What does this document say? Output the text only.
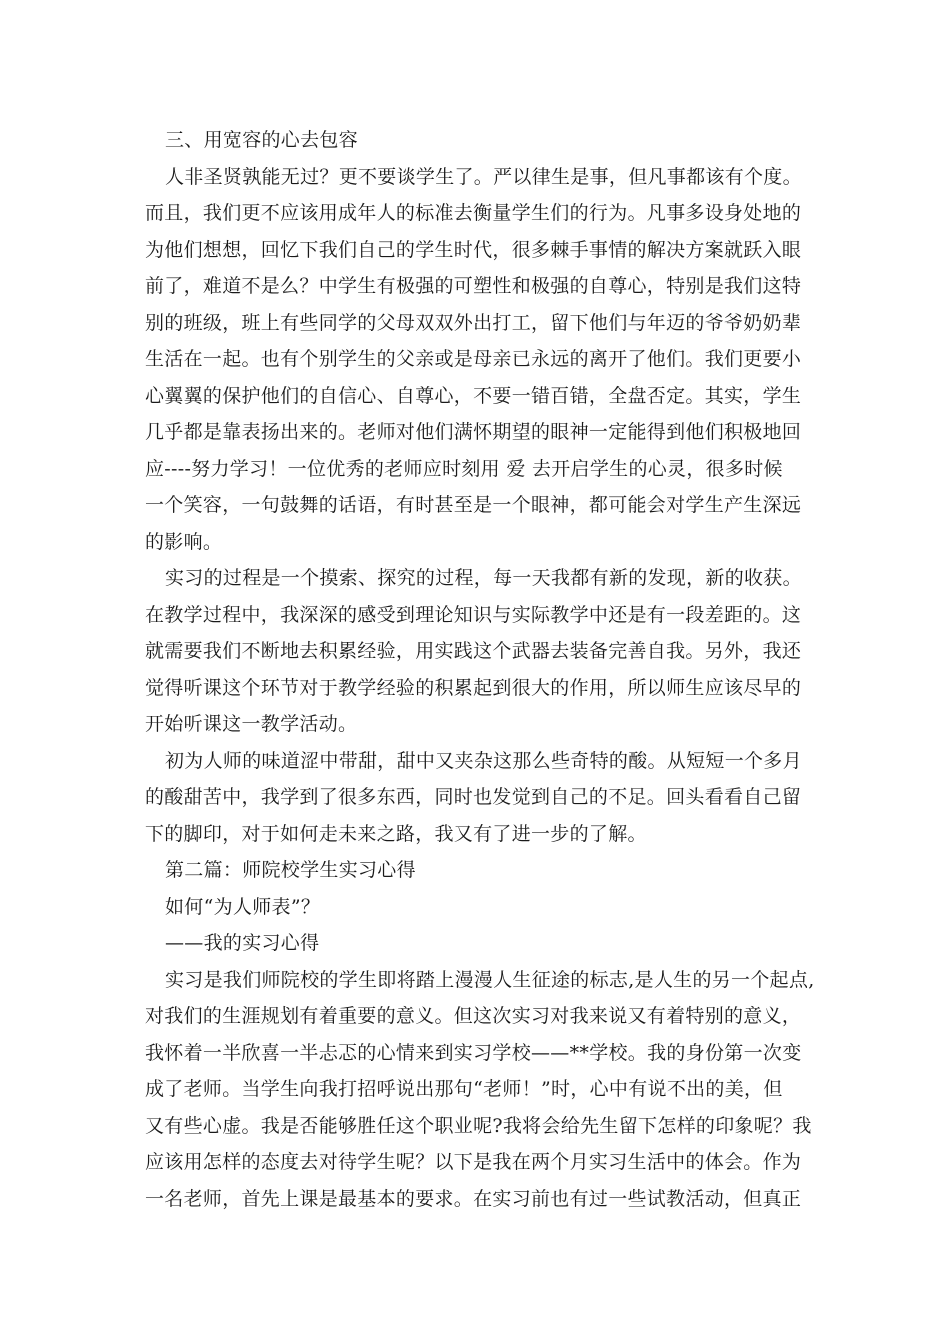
三、用宽容的心去包容
人非圣贤孰能无过？更不要谈学生了。严以律生是事，但凡事都该有个度。
而且，我们更不应该用成年人的标准去衡量学生们的行为。凡事多设身处地的
为他们想想，回忆下我们自己的学生时代，很多棘手事情的解决方案就跃入眼
前了，难道不是么？中学生有极强的可塑性和极强的自尊心，特别是我们这特
别的班级，班上有些同学的父母双双外出打工，留下他们与年迈的爷爷奶奶辈
生活在一起。也有个别学生的父亲或是母亲已永远的离开了他们。我们更要小
心翼翼的保护他们的自信心、自尊心，不要一错百错，全盘否定。其实，学生
几乎都是靠表扬出来的。老师对他们满怀期望的眼神一定能得到他们积极地回
应----努力学习！一位优秀的老师应时刻用 爱 去开启学生的心灵，很多时候
一个笑容，一句鼓舞的话语，有时甚至是一个眼神，都可能会对学生产生深远
的影响。
实习的过程是一个摸索、探究的过程，每一天我都有新的发现，新的收获。
在教学过程中，我深深的感受到理论知识与实际教学中还是有一段差距的。这
就需要我们不断地去积累经验，用实践这个武器去装备完善自我。另外，我还
觉得听课这个环节对于教学经验的积累起到很大的作用，所以师生应该尽早的
开始听课这一教学活动。
初为人师的味道涩中带甜，甜中又夹杂这那么些奇特的酸。从短短一个多月
的酸甜苦中，我学到了很多东西，同时也发觉到自己的不足。回头看看自己留
下的脚印，对于如何走未来之路，我又有了进一步的了解。
第二篇：师院校学生实习心得
如何“为人师表”？
——我的实习心得
实习是我们师院校的学生即将踏上漫漫人生征途的标志,是人生的另一个起点,
对我们的生涯规划有着重要的意义。但这次实习对我来说又有着特别的意义，
我怀着一半欣喜一半忐忑的心情来到实习学校——**学校。我的身份第一次变
成了老师。当学生向我打招呼说出那句“老师！”时，心中有说不出的美，但
又有些心虚。我是否能够胜任这个职业呢?我将会给先生留下怎样的印象呢？我
应该用怎样的态度去对待学生呢？以下是我在两个月实习生活中的体会。作为
一名老师，首先上课是最基本的要求。在实习前也有过一些试教活动，但真正
